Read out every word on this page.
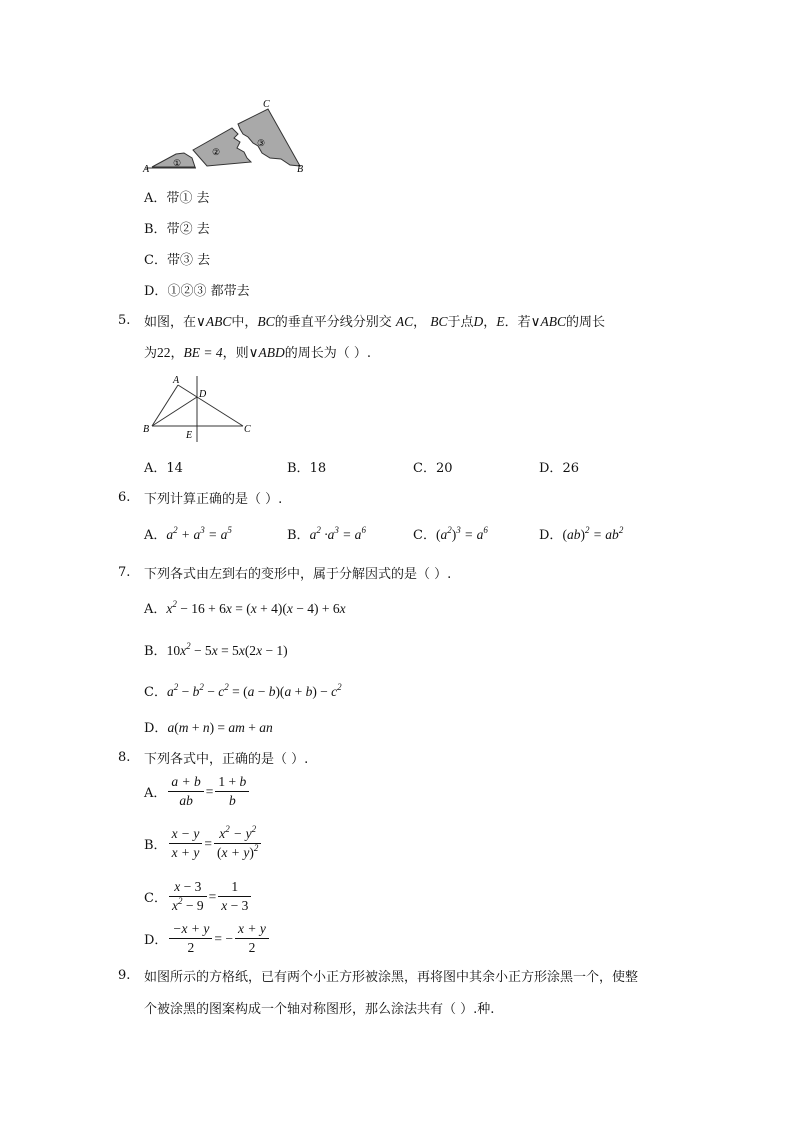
A	B
C
①
②
③
A．带① 去
B．带② 去
C．带③ 去
D．①②③ 都带去
5. 如图，在∨ABC中，BC的垂直平分线分别交 AC， BC于点D，E．若∨ABC的周长
为22，BE = 4，则∨ABD的周长为（ ）.
A
D
B
E
C
A．14	B．18	C．20	D．26
6. 下列计算正确的是（ ）.
A．$a^2 + a^3 = a^5$	B．$a^2 \cdot a^3 = a^6$	C．$(a^2)^3 = a^6$	D．$(ab)^2 = ab^2$
7. 下列各式由左到右的变形中，属于分解因式的是（ ）.
A．$x^2 - 16 + 6x = (x + 4)(x - 4) + 6x$
B．$10x^2 - 5x = 5x(2x - 1)$
C．$a^2 - b^2 - c^2 = (a - b)(a + b) - c^2$
D．a(m + n) = am + an
8. 下列各式中，正确的是（ ）.
A． $\frac{a + b}{ab} = \frac{1 + b}{b}$
B． $\frac{x - y}{x + y} = \frac{x^2 - y^2}{(x + y)^2}$
C． $\frac{x - 3}{x^2 - 9} = \frac{1}{x - 3}$
D． $\frac{-x + y}{2}$ = − $\frac{x + y}{2}$
9. 如图所示的方格纸，已有两个小正方形被涂黑，再将图中其余小正方形涂黑一个，使整
个被涂黑的图案构成一个轴对称图形，那么涂法共有（ ）.种.
